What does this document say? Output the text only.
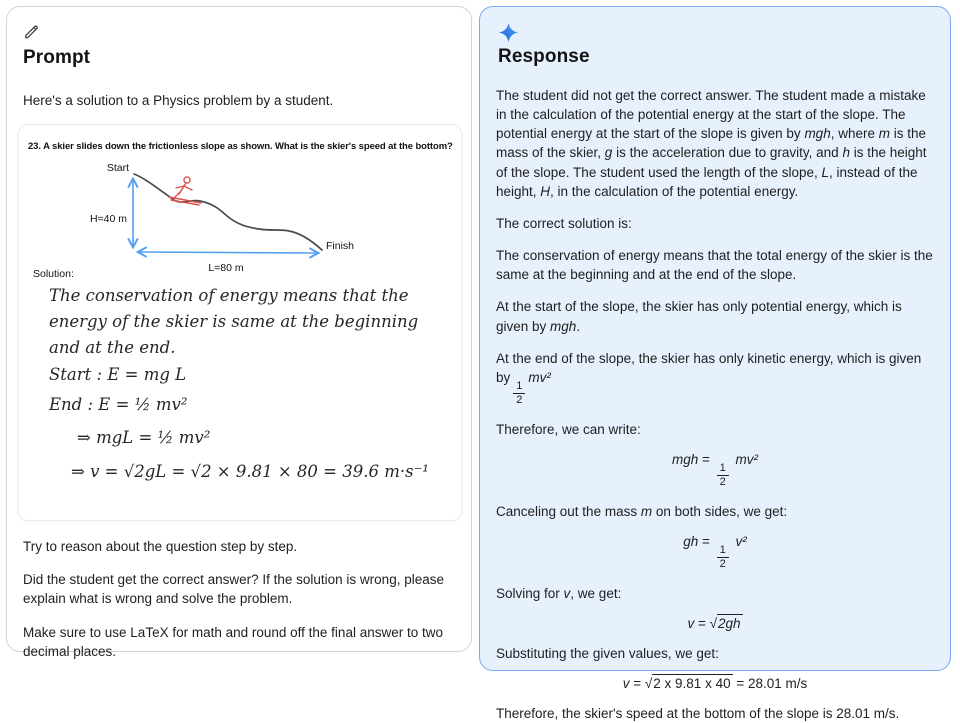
Prompt

Here's a solution to a Physics problem by a student.

23. A skier slides down the frictionless slope as shown. What is the skier's speed at the bottom?
Start
H=40 m
Finish
L=80 m
Solution:
The conservation of energy means that the
energy of the skier is same at the beginning
and at the end.
Start : E = mg L
End : E = ½ mv²
⇒ mgL = ½ mv²
⇒ v = √2gL = √2 × 9.81 × 80 = 39.6 m·s⁻¹

Try to reason about the question step by step.

Did the student get the correct answer? If the solution is wrong, please explain what is wrong and solve the problem.

Make sure to use LaTeX for math and round off the final answer to two decimal places.

Response

The student did not get the correct answer. The student made a mistake in the calculation of the potential energy at the start of the slope. The potential energy at the start of the slope is given by mgh, where m is the mass of the skier, g is the acceleration due to gravity, and h is the height of the slope. The student used the length of the slope, L, instead of the height, H, in the calculation of the potential energy.

The correct solution is:

The conservation of energy means that the total energy of the skier is the same at the beginning and at the end of the slope.

At the start of the slope, the skier has only potential energy, which is given by mgh.

At the end of the slope, the skier has only kinetic energy, which is given by
$\frac{1}{2}$
mv²

Therefore, we can write:

mgh =
$\frac{1}{2}$
mv²

Canceling out the mass m on both sides, we get:

gh =
$\frac{1}{2}$
v²

Solving for v, we get:

v = √2gh

Substituting the given values, we get:

v = √2 x 9.81 x 40 = 28.01 m/s

Therefore, the skier's speed at the bottom of the slope is 28.01 m/s.
